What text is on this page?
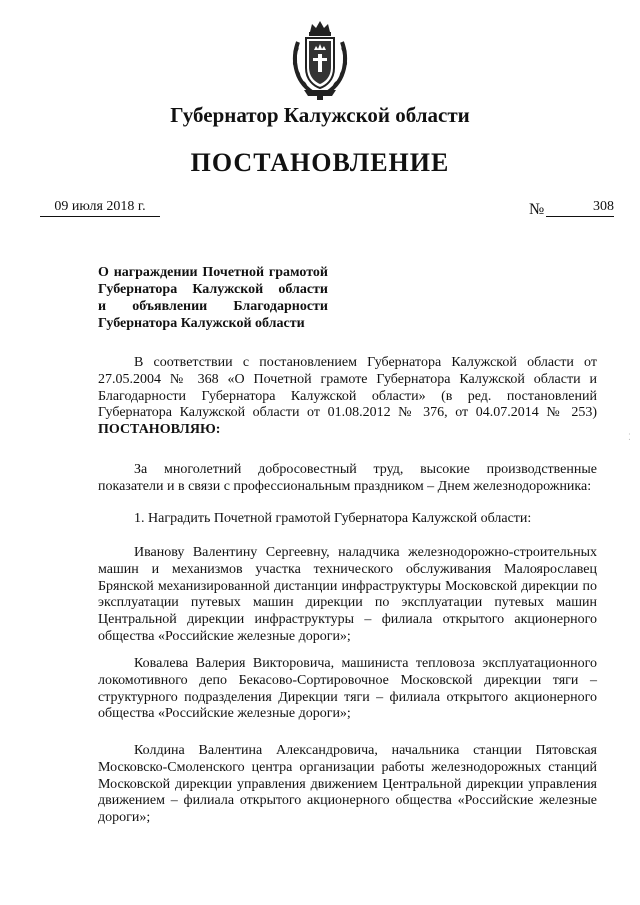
Губернатор Калужской области
ПОСТАНОВЛЕНИЕ
09 июля 2018 г.	№	308
О награждении Почетной грамотой
Губернатора Калужской области
и объявлении Благодарности
Губернатора Калужской области
В соответствии с постановлением Губернатора Калужской области от 27.05.2004 № 368 «О Почетной грамоте Губернатора Калужской области и Благодарности Губернатора Калужской области» (в ред. постановлений Губернатора Калужской области от 01.08.2012 № 376, от 04.07.2014 № 253) ПОСТАНОВЛЯЮ:
За многолетний добросовестный труд, высокие производственные показатели и в связи с профессиональным праздником – Днем железнодорожника:
1. Наградить Почетной грамотой Губернатора Калужской области:
Иванову Валентину Сергеевну, наладчика железнодорожно-строительных машин и механизмов участка технического обслуживания Малоярославец Брянской механизированной дистанции инфраструктуры Московской дирекции по эксплуатации путевых машин дирекции по эксплуатации путевых машин Центральной дирекции инфраструктуры – филиала открытого акционерного общества «Российские железные дороги»;
Ковалева Валерия Викторовича, машиниста тепловоза эксплуатационного локомотивного депо Бекасово-Сортировочное Московской дирекции тяги – структурного подразделения Дирекции тяги – филиала открытого акционерного общества «Российские железные дороги»;
Колдина Валентина Александровича, начальника станции Пятовская Московско-Смоленского центра организации работы железнодорожных станций Московской дирекции управления движением Центральной дирекции управления движением – филиала открытого акционерного общества «Российские железные дороги»;
⁚
